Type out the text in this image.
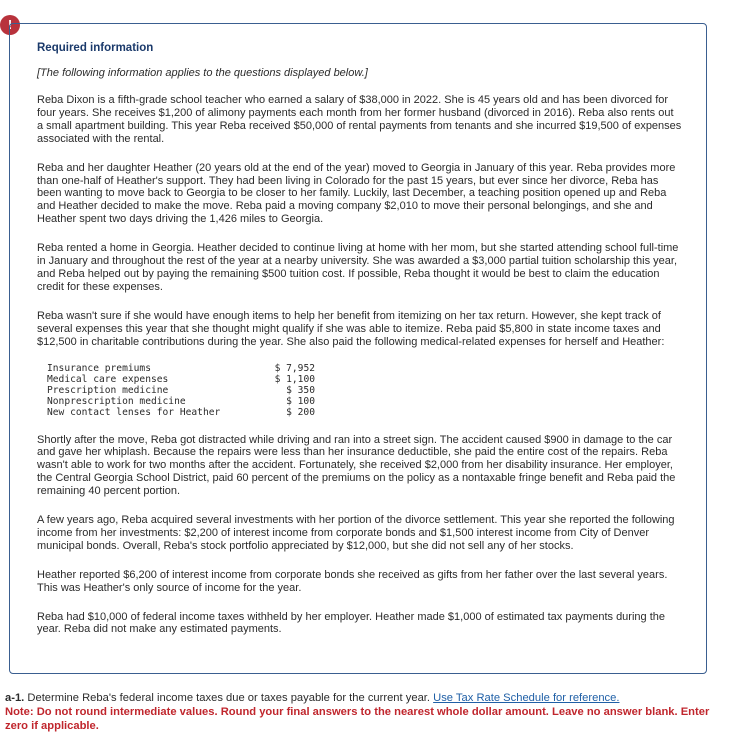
!
Required information
[The following information applies to the questions displayed below.]

Reba Dixon is a fifth-grade school teacher who earned a salary of $38,000 in 2022. She is 45 years old and has been divorced for four years. She receives $1,200 of alimony payments each month from her former husband (divorced in 2016). Reba also rents out a small apartment building. This year Reba received $50,000 of rental payments from tenants and she incurred $19,500 of expenses associated with the rental.

Reba and her daughter Heather (20 years old at the end of the year) moved to Georgia in January of this year. Reba provides more than one-half of Heather's support. They had been living in Colorado for the past 15 years, but ever since her divorce, Reba has been wanting to move back to Georgia to be closer to her family. Luckily, last December, a teaching position opened up and Reba and Heather decided to make the move. Reba paid a moving company $2,010 to move their personal belongings, and she and Heather spent two days driving the 1,426 miles to Georgia.

Reba rented a home in Georgia. Heather decided to continue living at home with her mom, but she started attending school full-time in January and throughout the rest of the year at a nearby university. She was awarded a $3,000 partial tuition scholarship this year, and Reba helped out by paying the remaining $500 tuition cost. If possible, Reba thought it would be best to claim the education credit for these expenses.

Reba wasn't sure if she would have enough items to help her benefit from itemizing on her tax return. However, she kept track of several expenses this year that she thought might qualify if she was able to itemize. Reba paid $5,800 in state income taxes and $12,500 in charitable contributions during the year. She also paid the following medical-related expenses for herself and Heather:

Insurance premiums	$ 7,952
Medical care expenses	$ 1,100
Prescription medicine	$ 350
Nonprescription medicine	$ 100
New contact lenses for Heather	$ 200

Shortly after the move, Reba got distracted while driving and ran into a street sign. The accident caused $900 in damage to the car and gave her whiplash. Because the repairs were less than her insurance deductible, she paid the entire cost of the repairs. Reba wasn't able to work for two months after the accident. Fortunately, she received $2,000 from her disability insurance. Her employer, the Central Georgia School District, paid 60 percent of the premiums on the policy as a nontaxable fringe benefit and Reba paid the remaining 40 percent portion.

A few years ago, Reba acquired several investments with her portion of the divorce settlement. This year she reported the following income from her investments: $2,200 of interest income from corporate bonds and $1,500 interest income from City of Denver municipal bonds. Overall, Reba's stock portfolio appreciated by $12,000, but she did not sell any of her stocks.

Heather reported $6,200 of interest income from corporate bonds she received as gifts from her father over the last several years. This was Heather's only source of income for the year.

Reba had $10,000 of federal income taxes withheld by her employer. Heather made $1,000 of estimated tax payments during the year. Reba did not make any estimated payments.

a-1. Determine Reba's federal income taxes due or taxes payable for the current year. Use Tax Rate Schedule for reference.
Note: Do not round intermediate values. Round your final answers to the nearest whole dollar amount. Leave no answer blank. Enter zero if applicable.
